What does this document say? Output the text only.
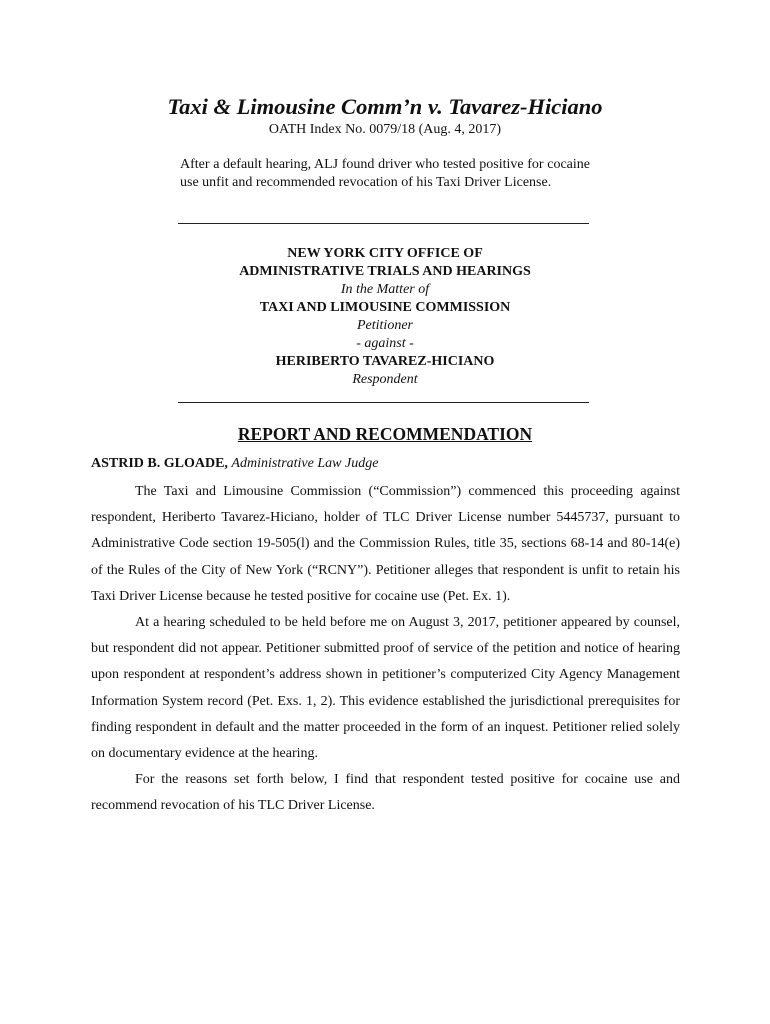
Taxi & Limousine Comm’n v. Tavarez-Hiciano
OATH Index No. 0079/18 (Aug. 4, 2017)
After a default hearing, ALJ found driver who tested positive for cocaine use unfit and recommended revocation of his Taxi Driver License.
NEW YORK CITY OFFICE OF
ADMINISTRATIVE TRIALS AND HEARINGS
In the Matter of
TAXI AND LIMOUSINE COMMISSION
Petitioner
- against -
HERIBERTO TAVAREZ-HICIANO
Respondent
REPORT AND RECOMMENDATION
ASTRID B. GLOADE, Administrative Law Judge

The Taxi and Limousine Commission (“Commission”) commenced this proceeding against respondent, Heriberto Tavarez-Hiciano, holder of TLC Driver License number 5445737, pursuant to Administrative Code section 19-505(l) and the Commission Rules, title 35, sections 68-14 and 80-14(e) of the Rules of the City of New York (“RCNY”). Petitioner alleges that respondent is unfit to retain his Taxi Driver License because he tested positive for cocaine use (Pet. Ex. 1).

At a hearing scheduled to be held before me on August 3, 2017, petitioner appeared by counsel, but respondent did not appear. Petitioner submitted proof of service of the petition and notice of hearing upon respondent at respondent’s address shown in petitioner’s computerized City Agency Management Information System record (Pet. Exs. 1, 2). This evidence established the jurisdictional prerequisites for finding respondent in default and the matter proceeded in the form of an inquest. Petitioner relied solely on documentary evidence at the hearing.

For the reasons set forth below, I find that respondent tested positive for cocaine use and recommend revocation of his TLC Driver License.
